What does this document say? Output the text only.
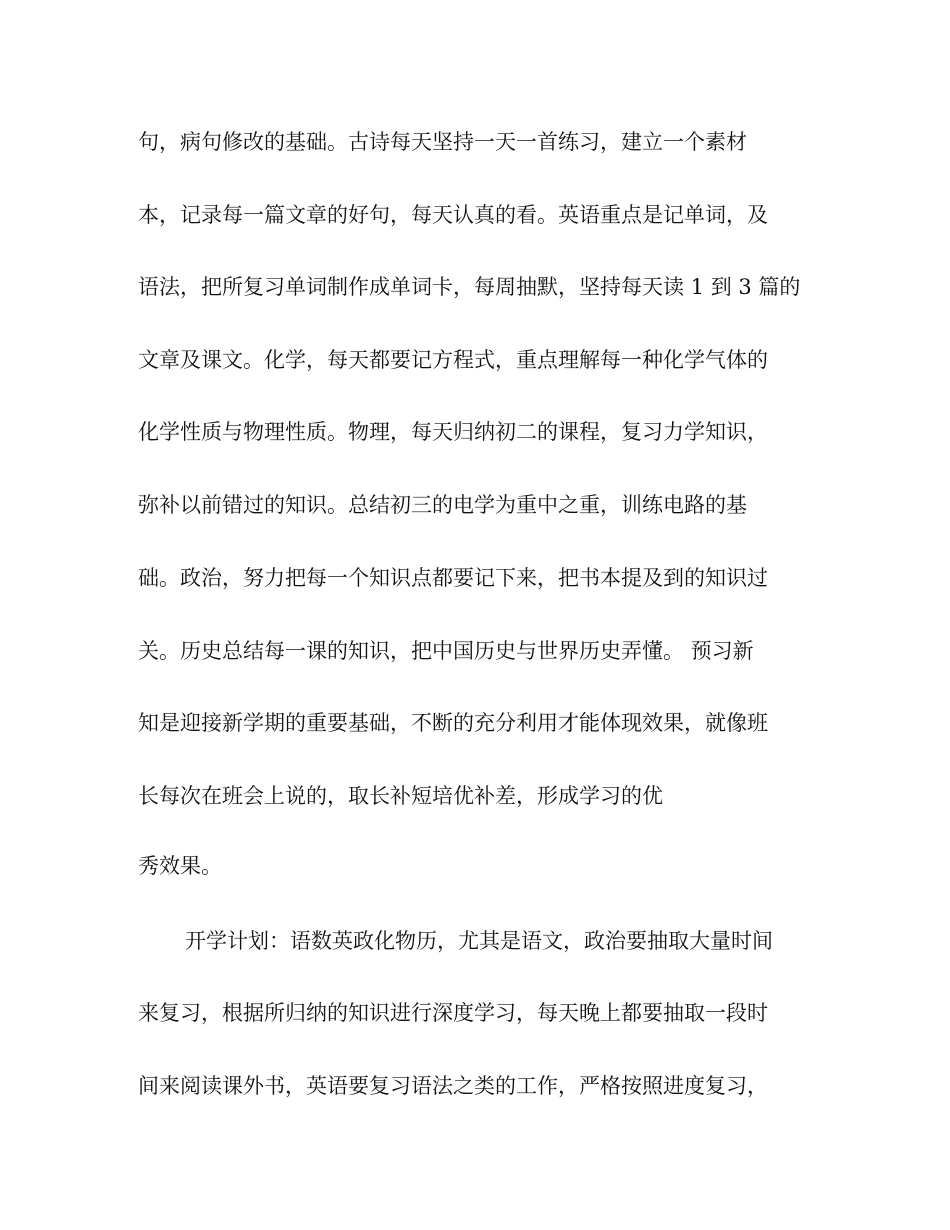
句，病句修改的基础。古诗每天坚持一天一首练习，建立一个素材

本，记录每一篇文章的好句，每天认真的看。英语重点是记单词，及

语法，把所复习单词制作成单词卡，每周抽默，坚持每天读 1 到 3 篇的

文章及课文。化学，每天都要记方程式，重点理解每一种化学气体的

化学性质与物理性质。物理，每天归纳初二的课程，复习力学知识，

弥补以前错过的知识。总结初三的电学为重中之重，训练电路的基

础。政治，努力把每一个知识点都要记下来，把书本提及到的知识过

关。历史总结每一课的知识，把中国历史与世界历史弄懂。 预习新

知是迎接新学期的重要基础，不断的充分利用才能体现效果，就像班

长每次在班会上说的，取长补短培优补差，形成学习的优

秀效果。

开学计划：语数英政化物历，尤其是语文，政治要抽取大量时间

来复习，根据所归纳的知识进行深度学习，每天晚上都要抽取一段时

间来阅读课外书，英语要复习语法之类的工作，严格按照进度复习，
